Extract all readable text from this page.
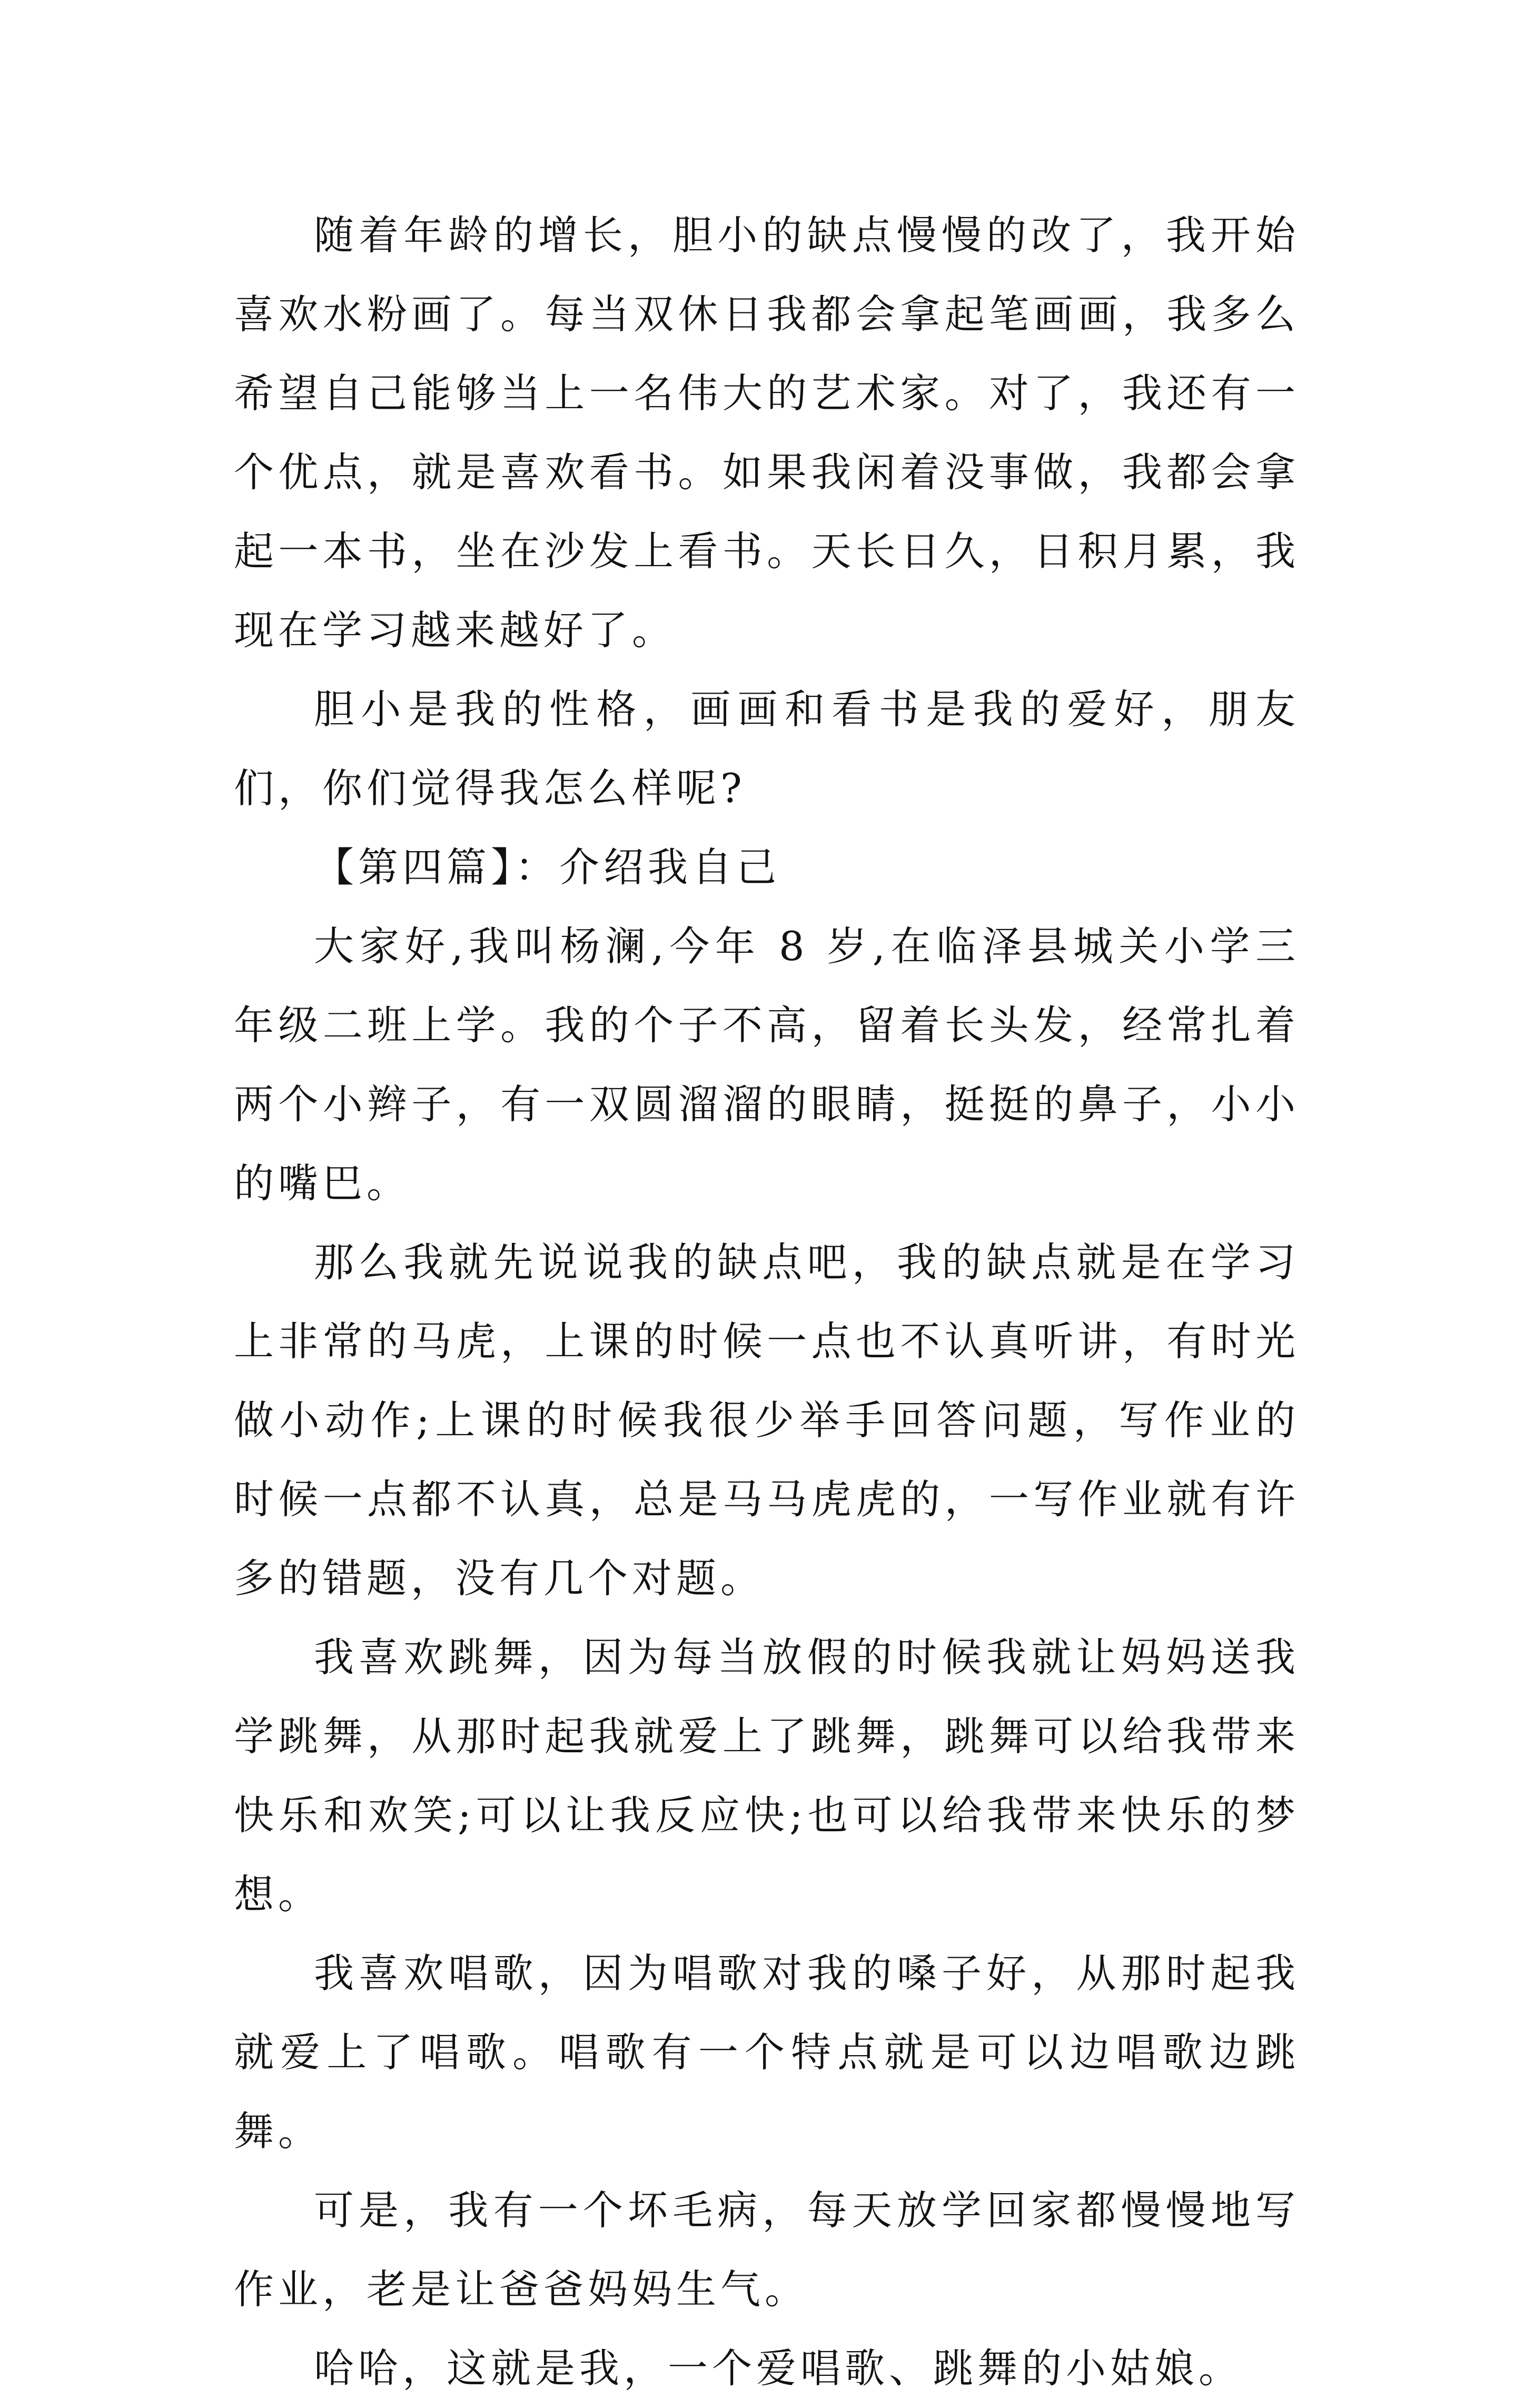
随着年龄的增长，胆小的缺点慢慢的改了，我开始喜欢水粉画了。每当双休日我都会拿起笔画画，我多么希望自己能够当上一名伟大的艺术家。对了，我还有一个优点，就是喜欢看书。如果我闲着没事做，我都会拿起一本书，坐在沙发上看书。天长日久，日积月累，我现在学习越来越好了。

胆小是我的性格，画画和看书是我的爱好，朋友们，你们觉得我怎么样呢?

【第四篇】：介绍我自己

大家好,我叫杨澜,今年 8 岁,在临泽县城关小学三年级二班上学。我的个子不高，留着长头发，经常扎着两个小辫子，有一双圆溜溜的眼睛，挺挺的鼻子，小小的嘴巴。

那么我就先说说我的缺点吧，我的缺点就是在学习上非常的马虎，上课的时候一点也不认真听讲，有时光做小动作;上课的时候我很少举手回答问题，写作业的时候一点都不认真，总是马马虎虎的，一写作业就有许多的错题，没有几个对题。

我喜欢跳舞，因为每当放假的时候我就让妈妈送我学跳舞，从那时起我就爱上了跳舞，跳舞可以给我带来快乐和欢笑;可以让我反应快;也可以给我带来快乐的梦想。

我喜欢唱歌，因为唱歌对我的嗓子好，从那时起我就爱上了唱歌。唱歌有一个特点就是可以边唱歌边跳舞。

可是，我有一个坏毛病，每天放学回家都慢慢地写作业，老是让爸爸妈妈生气。

哈哈，这就是我，一个爱唱歌、跳舞的小姑娘。
